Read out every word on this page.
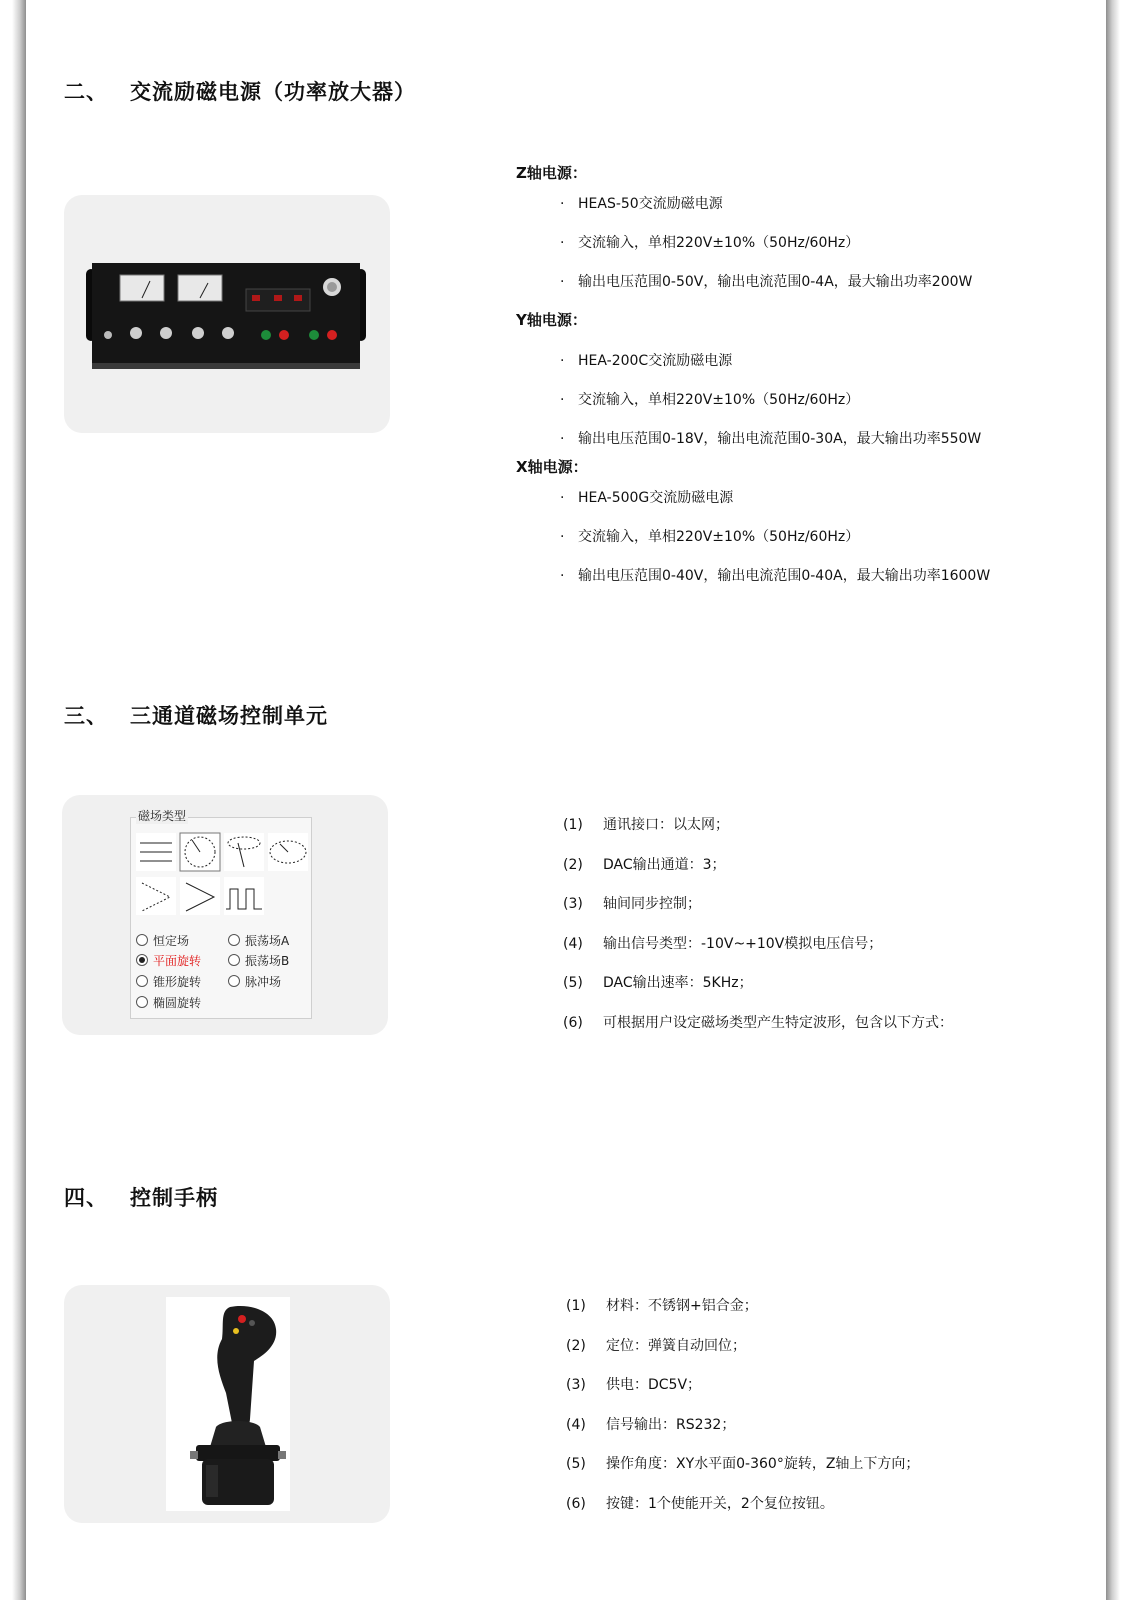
二、 交流励磁电源（功率放大器）
Z轴电源：
· HEAS-50交流励磁电源
· 交流输入，单相220V±10%（50Hz/60Hz）
· 输出电压范围0-50V，输出电流范围0-4A，最大输出功率200W
Y轴电源：
· HEA-200C交流励磁电源
· 交流输入，单相220V±10%（50Hz/60Hz）
· 输出电压范围0-18V，输出电流范围0-30A，最大输出功率550W
X轴电源：
· HEA-500G交流励磁电源
· 交流输入，单相220V±10%（50Hz/60Hz）
· 输出电压范围0-40V，输出电流范围0-40A，最大输出功率1600W
三、 三通道磁场控制单元
磁场类型
恒定场
平面旋转
锥形旋转
椭圆旋转
振荡场A
振荡场B
脉冲场
(1) 通讯接口：以太网；
(2) DAC输出通道：3；
(3) 轴间同步控制；
(4) 输出信号类型：-10V~+10V模拟电压信号；
(5) DAC输出速率：5KHz；
(6) 可根据用户设定磁场类型产生特定波形，包含以下方式：
四、 控制手柄
(1) 材料：不锈钢+铝合金；
(2) 定位：弹簧自动回位；
(3) 供电：DC5V；
(4) 信号输出：RS232；
(5) 操作角度：XY水平面0-360°旋转，Z轴上下方向；
(6) 按键：1个使能开关，2个复位按钮。
